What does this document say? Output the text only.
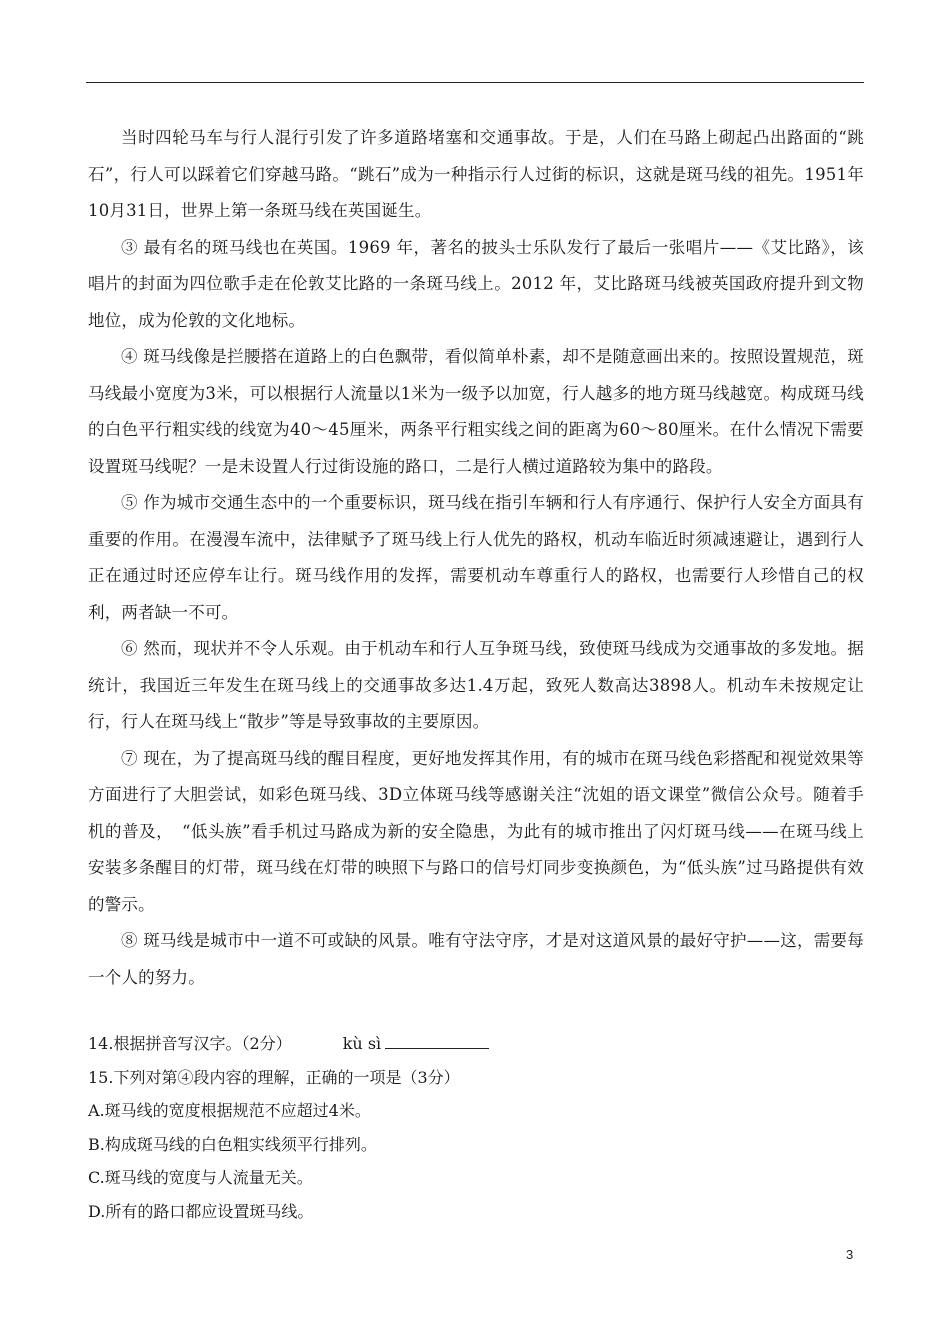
当时四轮马车与行人混行引发了许多道路堵塞和交通事故。于是，人们在马路上砌起凸出路面的“跳石”，行人可以踩着它们穿越马路。“跳石”成为一种指示行人过街的标识，这就是斑马线的祖先。1951年10月31日，世界上第一条斑马线在英国诞生。

③ 最有名的斑马线也在英国。1969 年，著名的披头士乐队发行了最后一张唱片——《艾比路》，该唱片的封面为四位歌手走在伦敦艾比路的一条斑马线上。2012 年，艾比路斑马线被英国政府提升到文物地位，成为伦敦的文化地标。

④ 斑马线像是拦腰搭在道路上的白色飘带，看似简单朴素，却不是随意画出来的。按照设置规范，斑马线最小宽度为3米，可以根据行人流量以1米为一级予以加宽，行人越多的地方斑马线越宽。构成斑马线的白色平行粗实线的线宽为40～45厘米，两条平行粗实线之间的距离为60～80厘米。在什么情况下需要设置斑马线呢？一是未设置人行过街设施的路口，二是行人横过道路较为集中的路段。

⑤ 作为城市交通生态中的一个重要标识，斑马线在指引车辆和行人有序通行、保护行人安全方面具有重要的作用。在漫漫车流中，法律赋予了斑马线上行人优先的路权，机动车临近时须减速避让，遇到行人正在通过时还应停车让行。斑马线作用的发挥，需要机动车尊重行人的路权，也需要行人珍惜自己的权利，两者缺一不可。

⑥ 然而，现状并不令人乐观。由于机动车和行人互争斑马线，致使斑马线成为交通事故的多发地。据统计，我国近三年发生在斑马线上的交通事故多达1.4万起，致死人数高达3898人。机动车未按规定让行，行人在斑马线上“散步”等是导致事故的主要原因。

⑦ 现在，为了提高斑马线的醒目程度，更好地发挥其作用，有的城市在斑马线色彩搭配和视觉效果等方面进行了大胆尝试，如彩色斑马线、3D立体斑马线等感谢关注“沈姐的语文课堂”微信公众号。随着手机的普及，　“低头族”看手机过马路成为新的安全隐患，为此有的城市推出了闪灯斑马线——在斑马线上安装多条醒目的灯带，斑马线在灯带的映照下与路口的信号灯同步变换颜色，为“低头族”过马路提供有效的警示。

⑧ 斑马线是城市中一道不可或缺的风景。唯有守法守序，才是对这道风景的最好守护——这，需要每一个人的努力。

14.根据拼音写汉字。（2分）	kù sì

15.下列对第④段内容的理解，正确的一项是（3分）

A.斑马线的宽度根据规范不应超过4米。

B.构成斑马线的白色粗实线须平行排列。

C.斑马线的宽度与人流量无关。

D.所有的路口都应设置斑马线。

3
